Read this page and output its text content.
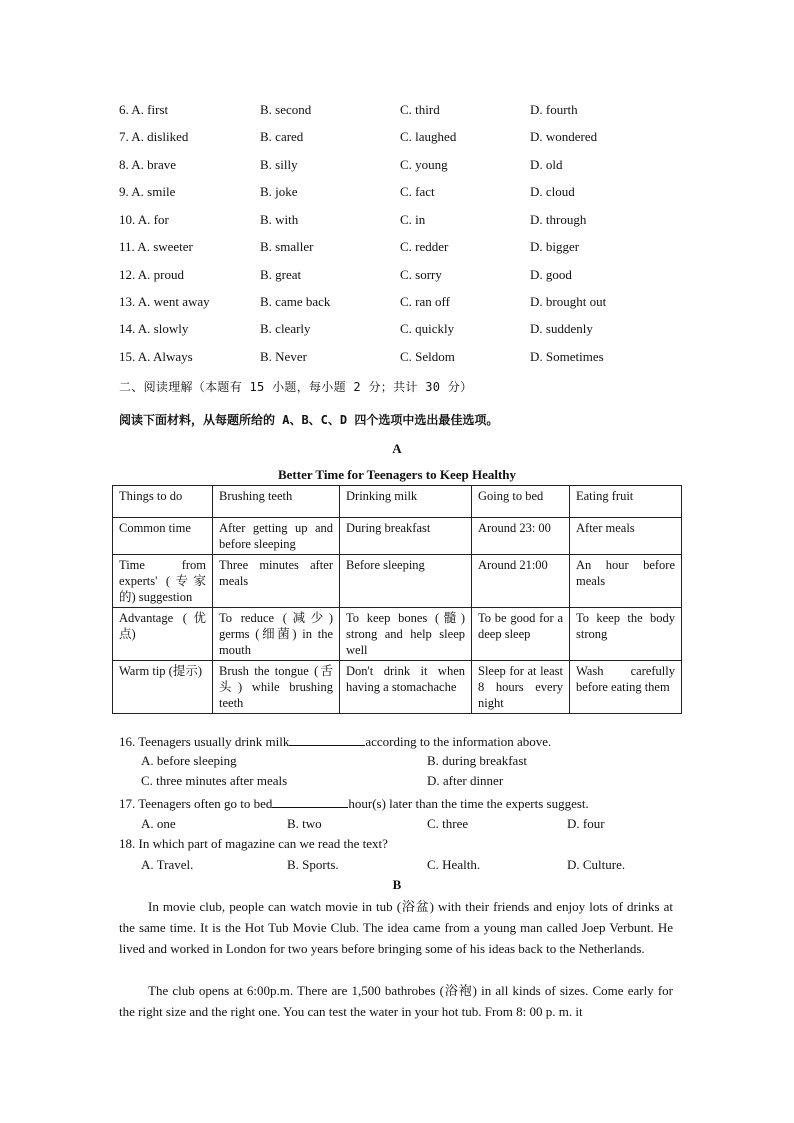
6. A. first	B. second	C. third	D. fourth
7. A. disliked	B. cared	C. laughed	D. wondered
8. A. brave	B. silly	C. young	D. old
9. A. smile	B. joke	C. fact	D. cloud
10. A. for	B. with	C. in	D. through
11. A. sweeter	B. smaller	C. redder	D. bigger
12. A. proud	B. great	C. sorry	D. good
13. A. went away	B. came back	C. ran off	D. brought out
14. A. slowly	B. clearly	C. quickly	D. suddenly
15. A. Always	B. Never	C. Seldom	D. Sometimes
二、阅读理解（本题有 15 小题，每小题 2 分；共计 30 分）
阅读下面材料，从每题所给的 A、B、C、D 四个选项中选出最佳选项。
A
Better Time for Teenagers to Keep Healthy
Things to do	Brushing teeth	Drinking milk	Going to bed	Eating fruit
Common time	After getting up and before sleeping	During breakfast	Around 23: 00	After meals
Time from experts' (专家的) suggestion	Three minutes after meals	Before sleeping	Around 21:00	An hour before meals
Advantage (优点)	To reduce (减少) germs (细菌) in the mouth	To keep bones (髓) strong and help sleep well	To be good for a deep sleep	To keep the body strong
Warm tip (提示)	Brush the tongue (舌头) while brushing teeth	Don't drink it when having a stomachache	Sleep for at least 8 hours every night	Wash carefully before eating them
16. Teenagers usually drink milk	according to the information above.
A. before sleeping	B. during breakfast
C. three minutes after meals	D. after dinner
17. Teenagers often go to bed	hour(s) later than the time the experts suggest.
A. one	B. two	C. three	D. four
18. In which part of magazine can we read the text?
A. Travel.	B. Sports.	C. Health.	D. Culture.
B
In movie club, people can watch movie in tub (浴盆) with their friends and enjoy lots of drinks at the same time. It is the Hot Tub Movie Club. The idea came from a young man called Joep Verbunt. He lived and worked in London for two years before bringing some of his ideas back to the Netherlands.
The club opens at 6:00p.m. There are 1,500 bathrobes (浴袍) in all kinds of sizes. Come early for the right size and the right one. You can test the water in your hot tub. From 8: 00 p. m. it
